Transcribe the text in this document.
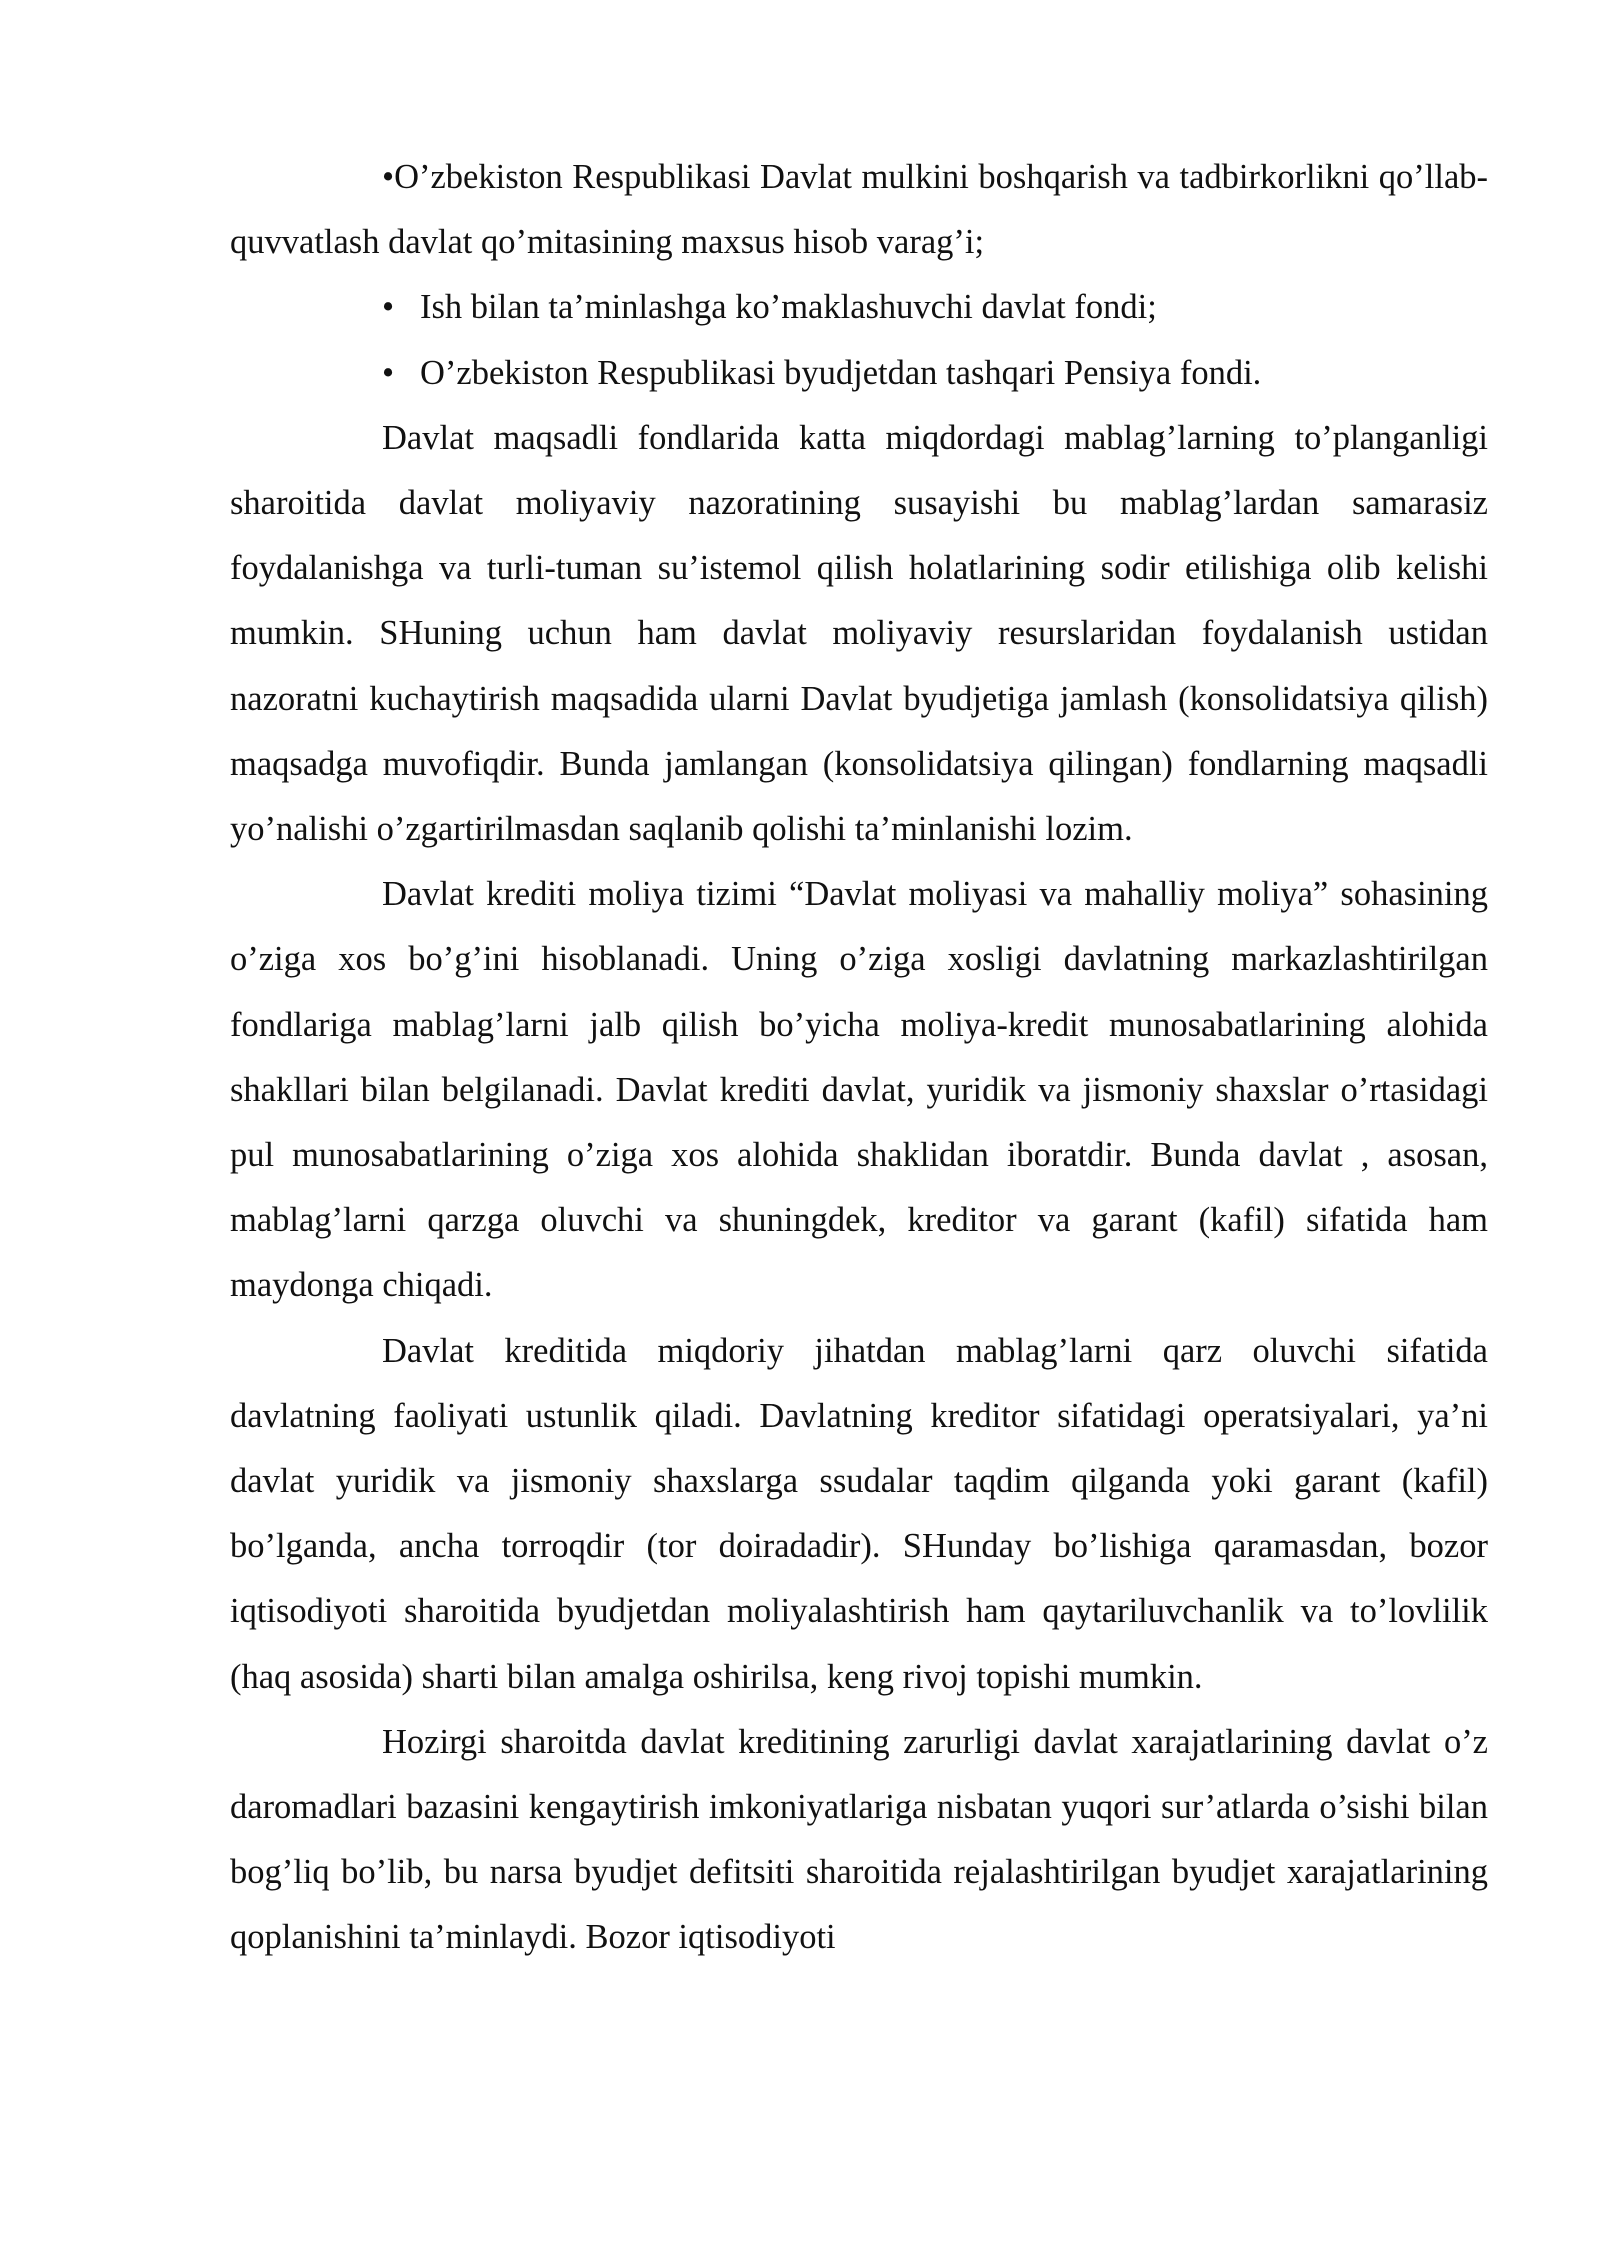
•O’zbekiston Respublikasi Davlat mulkini boshqarish va tadbirkorlikni qo’llab-quvvatlash davlat qo’mitasining maxsus hisob varag’i;

• Ish bilan ta’minlashga ko’maklashuvchi davlat fondi;

• O’zbekiston Respublikasi byudjetdan tashqari Pensiya fondi.

Davlat maqsadli fondlarida katta miqdordagi mablag’larning to’planganligi sharoitida davlat moliyaviy nazoratining susayishi bu mablag’lardan samarasiz foydalanishga va turli-tuman su’istemol qilish holatlarining sodir etilishiga olib kelishi mumkin. SHuning uchun ham davlat moliyaviy resurslaridan foydalanish ustidan nazoratni kuchaytirish maqsadida ularni Davlat byudjetiga jamlash (konsolidatsiya qilish) maqsadga muvofiqdir. Bunda jamlangan (konsolidatsiya qilingan) fondlarning maqsadli yo’nalishi o’zgartirilmasdan saqlanib qolishi ta’minlanishi lozim.

Davlat krediti moliya tizimi “Davlat moliyasi va mahalliy moliya” sohasining o’ziga xos bo’g’ini hisoblanadi. Uning o’ziga xosligi davlatning markazlashtirilgan fondlariga mablag’larni jalb qilish bo’yicha moliya-kredit munosabatlarining alohida shakllari bilan belgilanadi. Davlat krediti davlat, yuridik va jismoniy shaxslar o’rtasidagi pul munosabatlarining o’ziga xos alohida shaklidan iboratdir. Bunda davlat , asosan, mablag’larni qarzga oluvchi va shuningdek, kreditor va garant (kafil) sifatida ham maydonga chiqadi.

Davlat kreditida miqdoriy jihatdan mablag’larni qarz oluvchi sifatida davlatning faoliyati ustunlik qiladi. Davlatning kreditor sifatidagi operatsiyalari, ya’ni davlat yuridik va jismoniy shaxslarga ssudalar taqdim qilganda yoki garant (kafil) bo’lganda, ancha torroqdir (tor doiradadir). SHunday bo’lishiga qaramasdan, bozor iqtisodiyoti sharoitida byudjetdan moliyalashtirish ham qaytariluvchanlik va to’lovlilik (haq asosida) sharti bilan amalga oshirilsa, keng rivoj topishi mumkin.

Hozirgi sharoitda davlat kreditining zarurligi davlat xarajatlarining davlat o’z daromadlari bazasini kengaytirish imkoniyatlariga nisbatan yuqori sur’atlarda o’sishi bilan bog’liq bo’lib, bu narsa byudjet defitsiti sharoitida rejalashtirilgan byudjet xarajatlarining qoplanishini ta’minlaydi. Bozor iqtisodiyoti
